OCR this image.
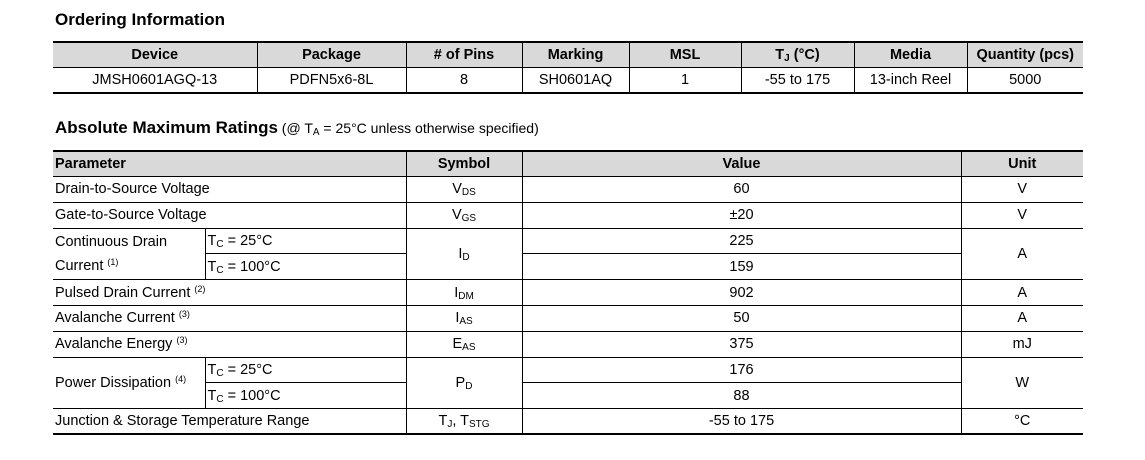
Ordering Information
Device	Package	# of Pins	Marking	MSL	$T_J$ (°C)	Media	Quantity (pcs)
JMSH0601AGQ-13	PDFN5x6-8L	8	SH0601AQ	1	-55 to 175	13-inch Reel	5000
Absolute Maximum Ratings (@ $T_A = 25^\circ C$ unless otherwise specified)
Parameter		Symbol	Value	Unit
Drain-to-Source Voltage		$V_{DS}$	60	V
Gate-to-Source Voltage		$V_{GS}$	±20	V
Continuous Drain
Current $^{(1)}$	$T_C = 25^\circ C$	$I_D$	225	A
	$T_C = 100^\circ C$		159	
Pulsed Drain Current $^{(2)}$		$I_{DM}$	902	A
Avalanche Current $^{(3)}$		$I_{AS}$	50	A
Avalanche Energy $^{(3)}$		$E_{AS}$	375	mJ
Power Dissipation $^{(4)}$	$T_C = 25^\circ C$	$P_D$	176	W
	$T_C = 100^\circ C$		88	
Junction & Storage Temperature Range		$T_J$, $T_{STG}$	-55 to 175	°C
